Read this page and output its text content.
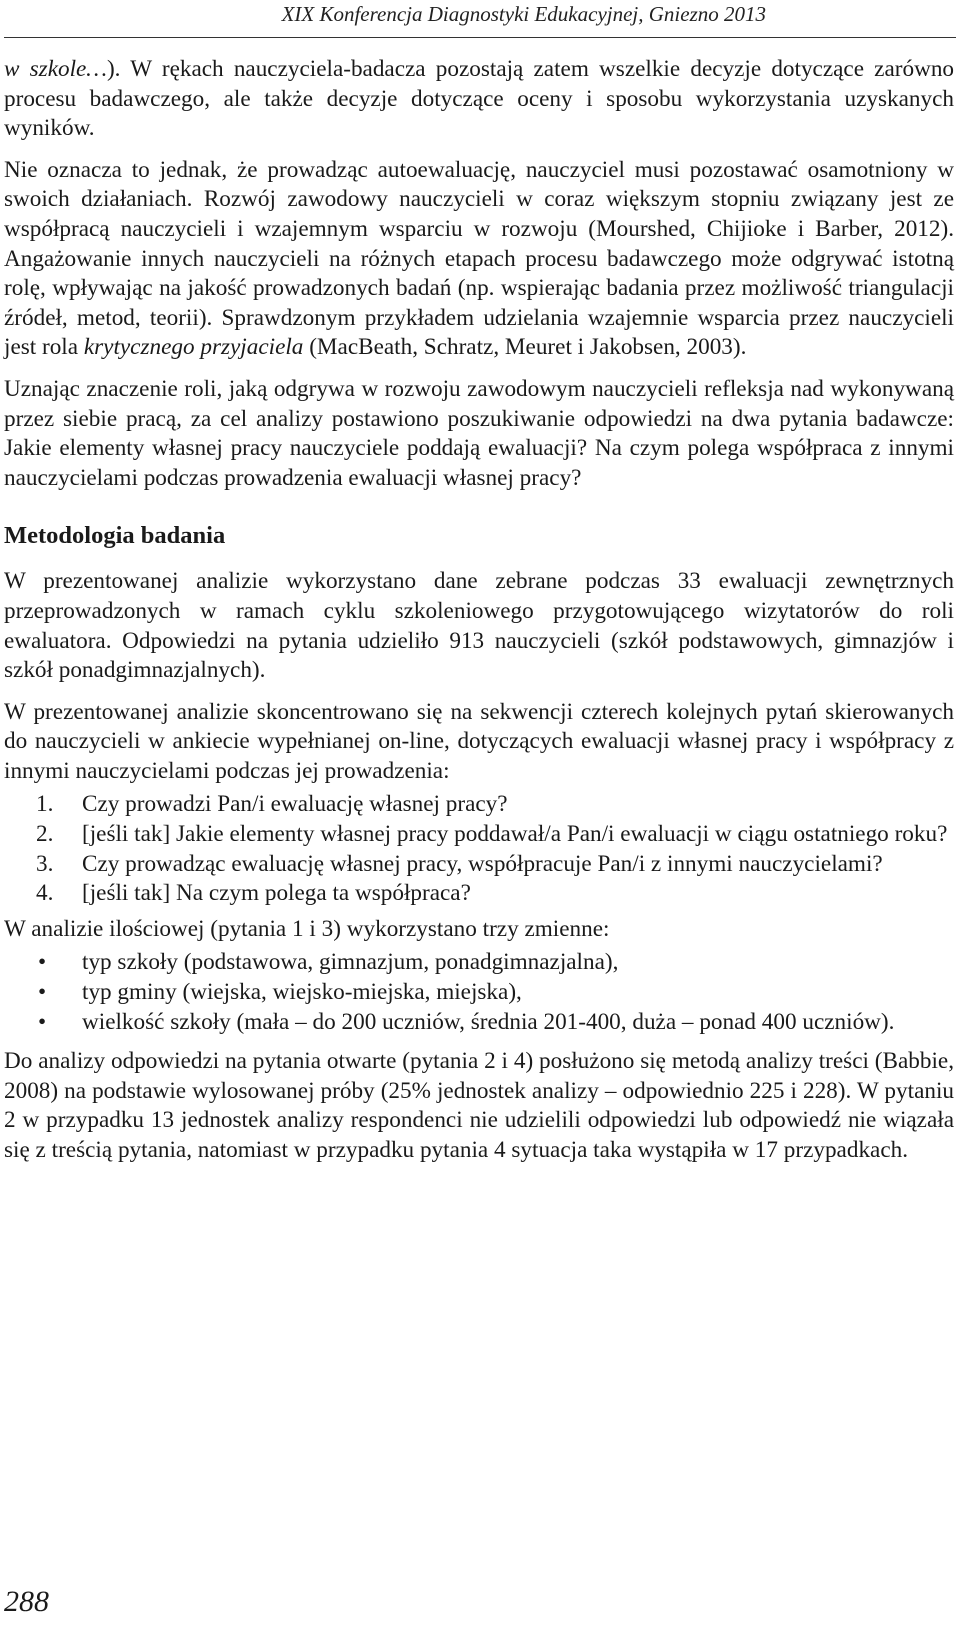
XIX Konferencja Diagnostyki Edukacyjnej, Gniezno 2013

w szkole…). W rękach nauczyciela-badacza pozostają zatem wszelkie decyzje dotyczące zarówno procesu badawczego, ale także decyzje dotyczące oceny i sposobu wykorzystania uzyskanych wyników.

Nie oznacza to jednak, że prowadząc autoewaluację, nauczyciel musi pozostawać osamotniony w swoich działaniach. Rozwój zawodowy nauczycieli w coraz większym stopniu związany jest ze współpracą nauczycieli i wzajemnym wsparciu w rozwoju (Mourshed, Chijioke i Barber, 2012). Angażowanie innych nauczycieli na różnych etapach procesu badawczego może odgrywać istotną rolę, wpływając na jakość prowadzonych badań (np. wspierając badania przez możliwość triangulacji źródeł, metod, teorii). Sprawdzonym przykładem udzielania wzajemnie wsparcia przez nauczycieli jest rola krytycznego przyjaciela (MacBeath, Schratz, Meuret i Jakobsen, 2003).

Uznając znaczenie roli, jaką odgrywa w rozwoju zawodowym nauczycieli refleksja nad wykonywaną przez siebie pracą, za cel analizy postawiono poszukiwanie odpowiedzi na dwa pytania badawcze: Jakie elementy własnej pracy nauczyciele poddają ewaluacji? Na czym polega współpraca z innymi nauczycielami podczas prowadzenia ewaluacji własnej pracy?

Metodologia badania

W prezentowanej analizie wykorzystano dane zebrane podczas 33 ewaluacji zewnętrznych przeprowadzonych w ramach cyklu szkoleniowego przygotowującego wizytatorów do roli ewaluatora. Odpowiedzi na pytania udzieliło 913 nauczycieli (szkół podstawowych, gimnazjów i szkół ponadgimnazjalnych).

W prezentowanej analizie skoncentrowano się na sekwencji czterech kolejnych pytań skierowanych do nauczycieli w ankiecie wypełnianej on-line, dotyczących ewaluacji własnej pracy i współpracy z innymi nauczycielami podczas jej prowadzenia:

1. Czy prowadzi Pan/i ewaluację własnej pracy?
2. [jeśli tak] Jakie elementy własnej pracy poddawał/a Pan/i ewaluacji w ciągu ostatniego roku?
3. Czy prowadząc ewaluację własnej pracy, współpracuje Pan/i z innymi nauczycielami?
4. [jeśli tak] Na czym polega ta współpraca?

W analizie ilościowej (pytania 1 i 3) wykorzystano trzy zmienne:

• typ szkoły (podstawowa, gimnazjum, ponadgimnazjalna),
• typ gminy (wiejska, wiejsko-miejska, miejska),
• wielkość szkoły (mała – do 200 uczniów, średnia 201-400, duża – ponad 400 uczniów).

Do analizy odpowiedzi na pytania otwarte (pytania 2 i 4) posłużono się metodą analizy treści (Babbie, 2008) na podstawie wylosowanej próby (25% jednostek analizy – odpowiednio 225 i 228). W pytaniu 2 w przypadku 13 jednostek analizy respondenci nie udzielili odpowiedzi lub odpowiedź nie wiązała się z treścią pytania, natomiast w przypadku pytania 4 sytuacja taka wystąpiła w 17 przypadkach.

288
